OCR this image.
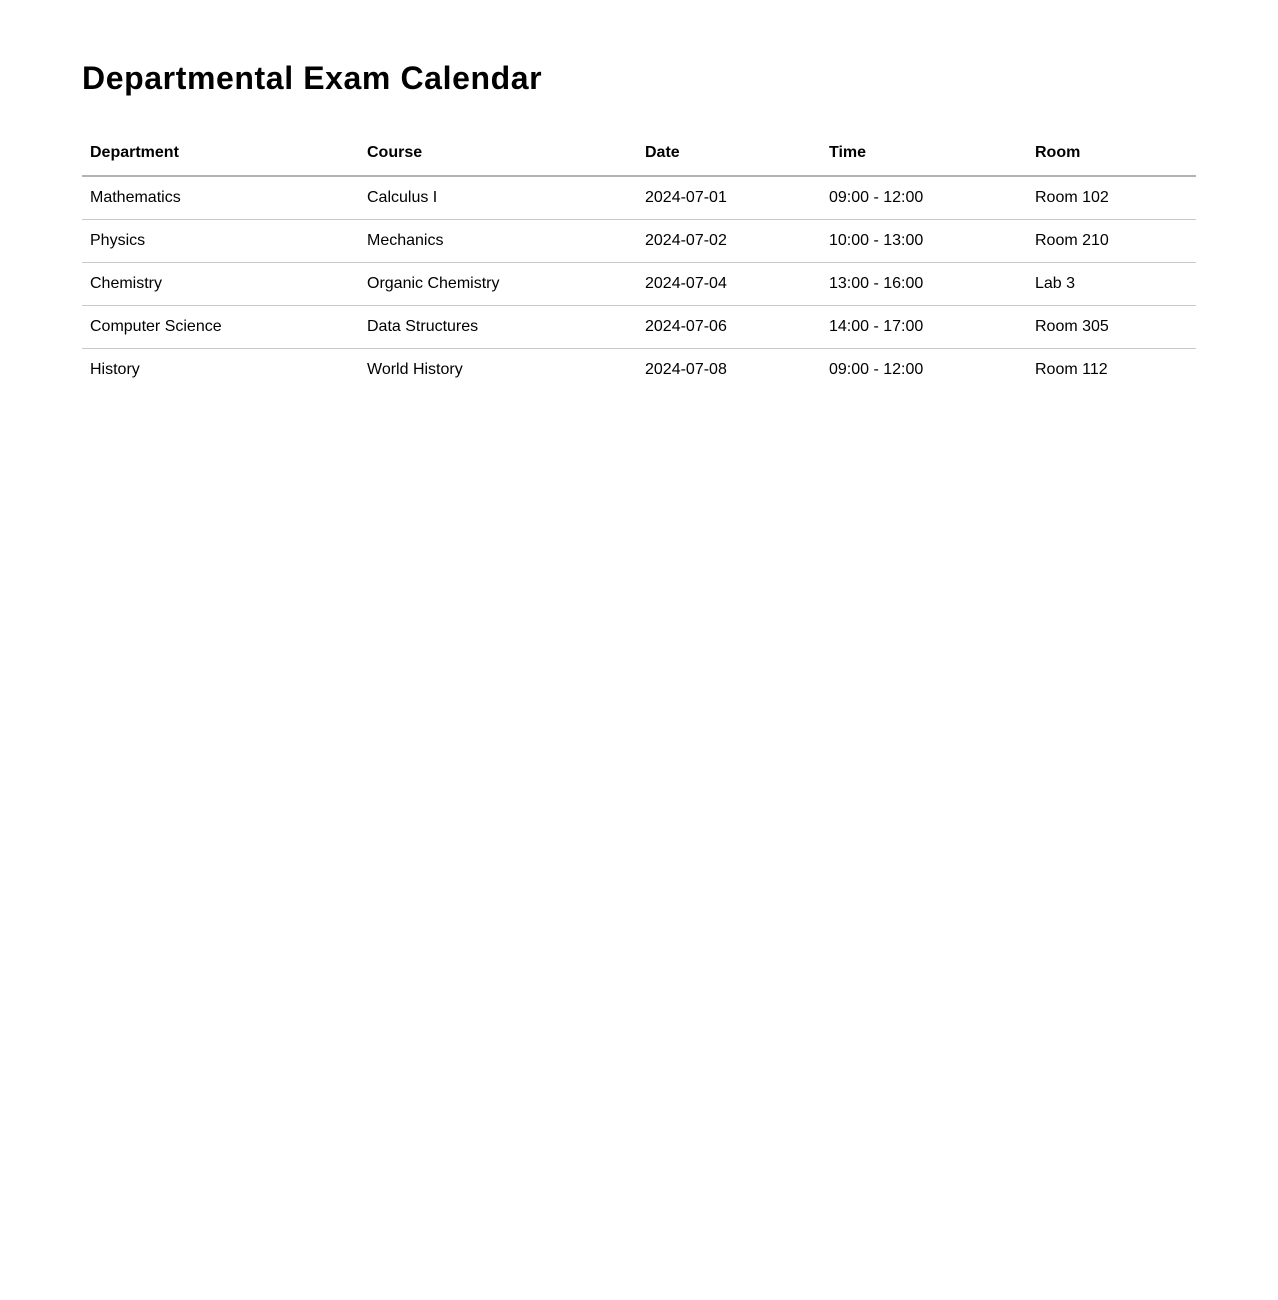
Departmental Exam Calendar
Department	Course	Date	Time	Room
Mathematics	Calculus I	2024-07-01	09:00 - 12:00	Room 102
Physics	Mechanics	2024-07-02	10:00 - 13:00	Room 210
Chemistry	Organic Chemistry	2024-07-04	13:00 - 16:00	Lab 3
Computer Science	Data Structures	2024-07-06	14:00 - 17:00	Room 305
History	World History	2024-07-08	09:00 - 12:00	Room 112
